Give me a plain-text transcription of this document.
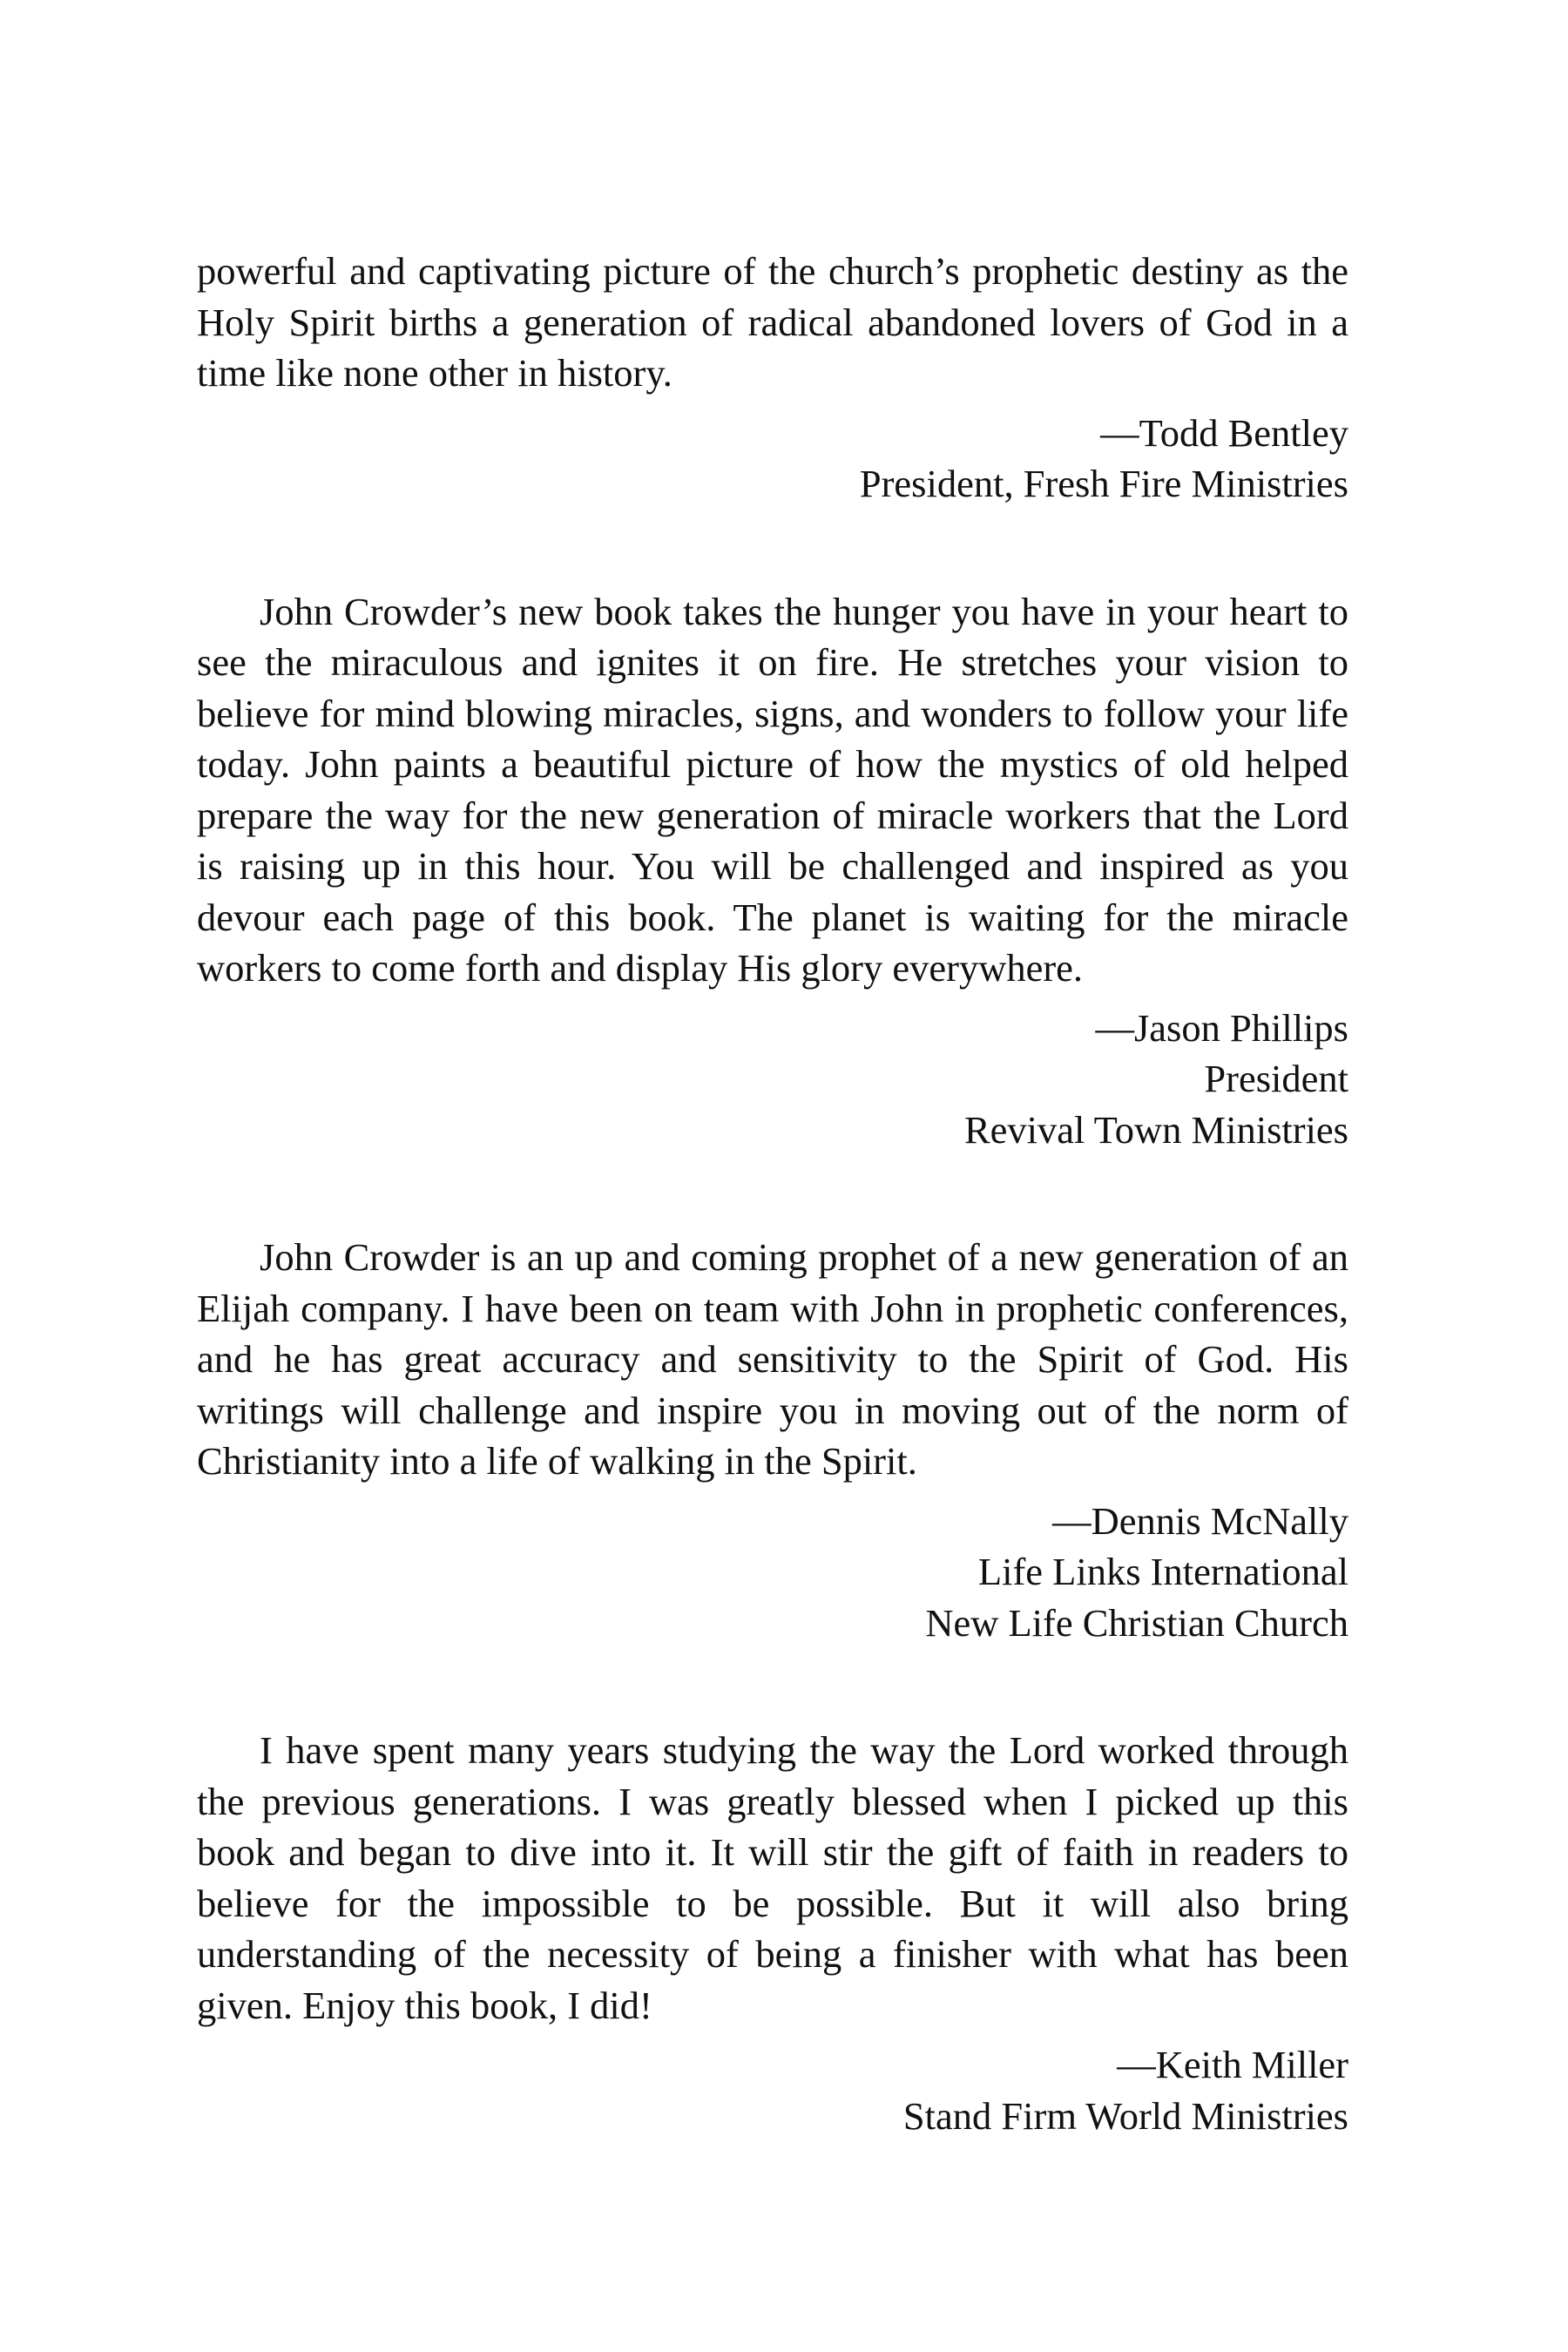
powerful and captivating picture of the church’s prophetic destiny as the Holy Spirit births a generation of radical abandoned lovers of God in a time like none other in history.

—Todd Bentley
President, Fresh Fire Ministries

John Crowder’s new book takes the hunger you have in your heart to see the miraculous and ignites it on fire. He stretches your vision to believe for mind blowing miracles, signs, and wonders to follow your life today. John paints a beautiful picture of how the mystics of old helped prepare the way for the new generation of miracle workers that the Lord is raising up in this hour. You will be challenged and inspired as you devour each page of this book. The planet is waiting for the miracle workers to come forth and display His glory everywhere.

—Jason Phillips
President
Revival Town Ministries

John Crowder is an up and coming prophet of a new generation of an Elijah company. I have been on team with John in prophetic conferences, and he has great accuracy and sensitivity to the Spirit of God. His writings will challenge and inspire you in moving out of the norm of Christianity into a life of walking in the Spirit.

—Dennis McNally
Life Links International
New Life Christian Church

I have spent many years studying the way the Lord worked through the previous generations. I was greatly blessed when I picked up this book and began to dive into it. It will stir the gift of faith in readers to believe for the impossible to be possible. But it will also bring understanding of the necessity of being a finisher with what has been given. Enjoy this book, I did!

—Keith Miller
Stand Firm World Ministries
